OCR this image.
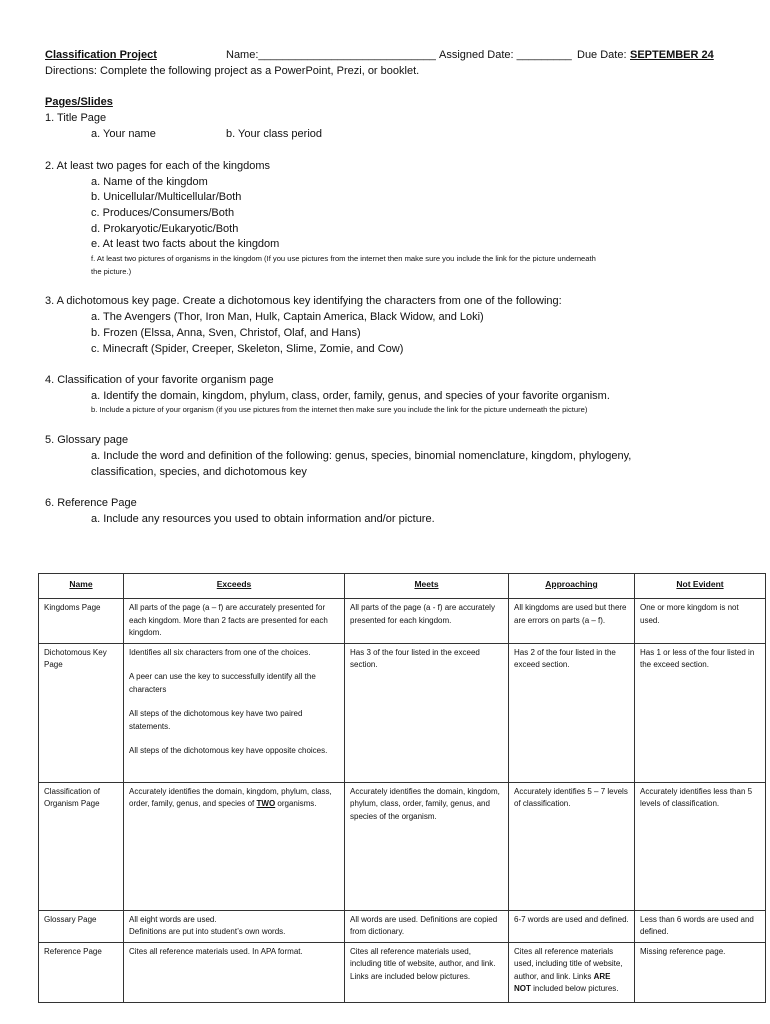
Classification Project	Name:_____________________________ Assigned Date: _________ Due Date: SEPTEMBER 24
Directions: Complete the following project as a PowerPoint, Prezi, or booklet.
Pages/Slides
1. Title Page
a. Your name	b. Your class period
2. At least two pages for each of the kingdoms
a. Name of the kingdom
b. Unicellular/Multicellular/Both
c. Produces/Consumers/Both
d. Prokaryotic/Eukaryotic/Both
e. At least two facts about the kingdom
f. At least two pictures of organisms in the kingdom (If you use pictures from the internet then make sure you include the link for the picture underneath
the picture.)
3. A dichotomous key page. Create a dichotomous key identifying the characters from one of the following:
a. The Avengers (Thor, Iron Man, Hulk, Captain America, Black Widow, and Loki)
b. Frozen (Elssa, Anna, Sven, Christof, Olaf, and Hans)
c. Minecraft (Spider, Creeper, Skeleton, Slime, Zomie, and Cow)
4. Classification of your favorite organism page
a. Identify the domain, kingdom, phylum, class, order, family, genus, and species of your favorite organism.
b. Include a picture of your organism (if you use pictures from the internet then make sure you include the link for the picture underneath the picture)
5. Glossary page
a. Include the word and definition of the following: genus, species, binomial nomenclature, kingdom, phylogeny,
classification, species, and dichotomous key
6. Reference Page
a. Include any resources you used to obtain information and/or picture.
Name	Exceeds	Meets	Approaching	Not Evident
Kingdoms Page	All parts of the page (a – f) are accurately presented for each kingdom. More than 2 facts are presented for each kingdom.	All parts of the page (a - f) are accurately presented for each kingdom.	All kingdoms are used but there are errors on parts (a – f).	One or more kingdom is not used.
Dichotomous Key Page	Identifies all six characters from one of the choices.

A peer can use the key to successfully identify all the characters

All steps of the dichotomous key have two paired statements.

All steps of the dichotomous key have opposite choices.	Has 3 of the four listed in the exceed section.	Has 2 of the four listed in the exceed section.	Has 1 or less of the four listed in the exceed section.
Classification of Organism Page	Accurately identifies the domain, kingdom, phylum, class, order, family, genus, and species of TWO organisms.	Accurately identifies the domain, kingdom, phylum, class, order, family, genus, and species of the organism.	Accurately identifies 5 – 7 levels of classification.	Accurately identifies less than 5 levels of classification.
Glossary Page	All eight words are used.
Definitions are put into student’s own words.	All words are used. Definitions are copied from dictionary.	6-7 words are used and defined.	Less than 6 words are used and defined.
Reference Page	Cites all reference materials used. In APA format.	Cites all reference materials used, including title of website, author, and link. Links are included below pictures.	Cites all reference materials used, including title of website, author, and link. Links ARE NOT included below pictures.	Missing reference page.
